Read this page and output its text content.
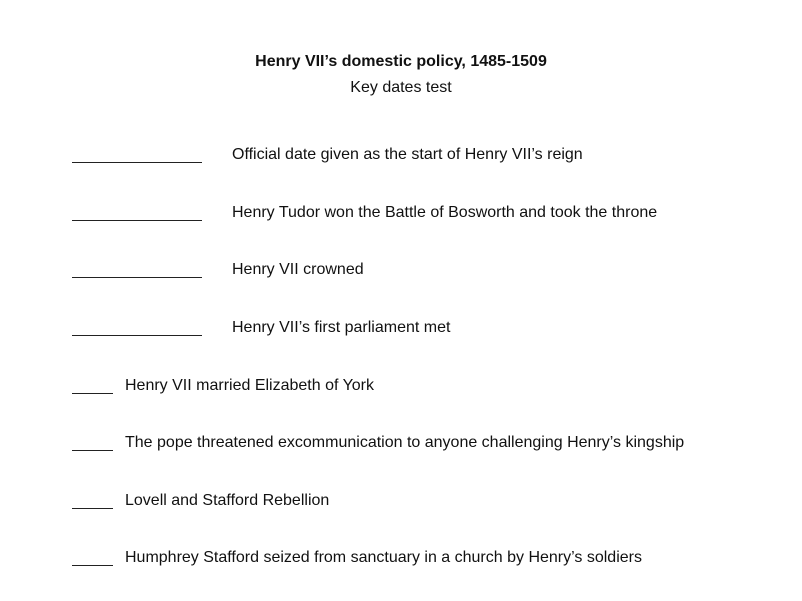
Henry VII’s domestic policy, 1485-1509
Key dates test
Official date given as the start of Henry VII’s reign
Henry Tudor won the Battle of Bosworth and took the throne
Henry VII crowned
Henry VII’s first parliament met
Henry VII married Elizabeth of York
The pope threatened excommunication to anyone challenging Henry’s kingship
Lovell and Stafford Rebellion
Humphrey Stafford seized from sanctuary in a church by Henry’s soldiers
